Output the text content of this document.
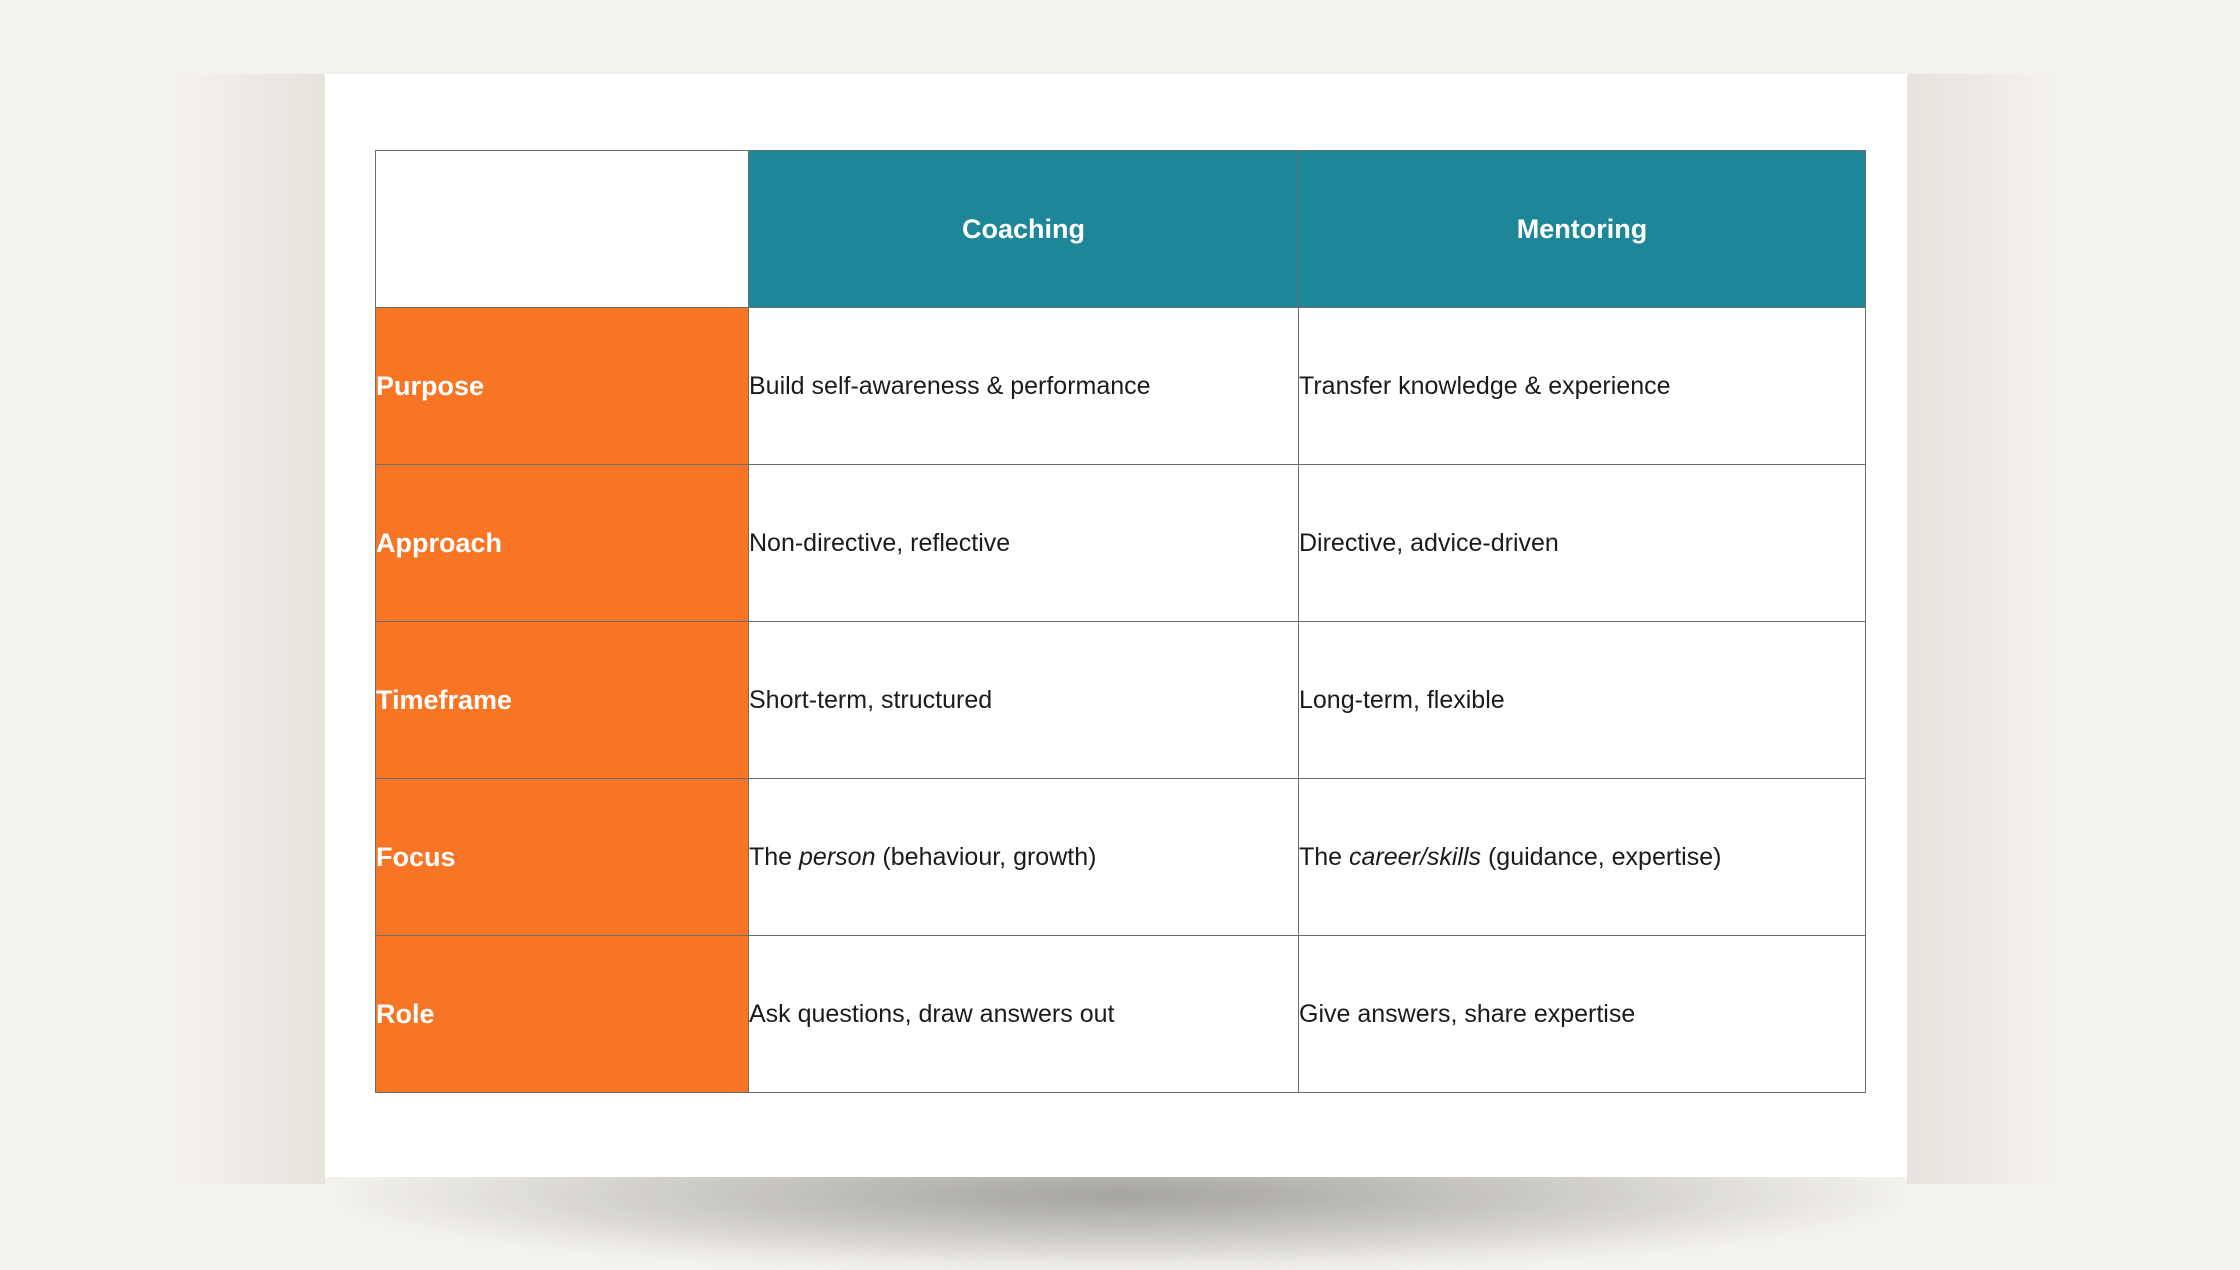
	Coaching	Mentoring
Purpose	Build self-awareness & performance	Transfer knowledge & experience
Approach	Non-directive, reflective	Directive, advice-driven
Timeframe	Short-term, structured	Long-term, flexible
Focus	The person (behaviour, growth)	The career/skills (guidance, expertise)
Role	Ask questions, draw answers out	Give answers, share expertise
